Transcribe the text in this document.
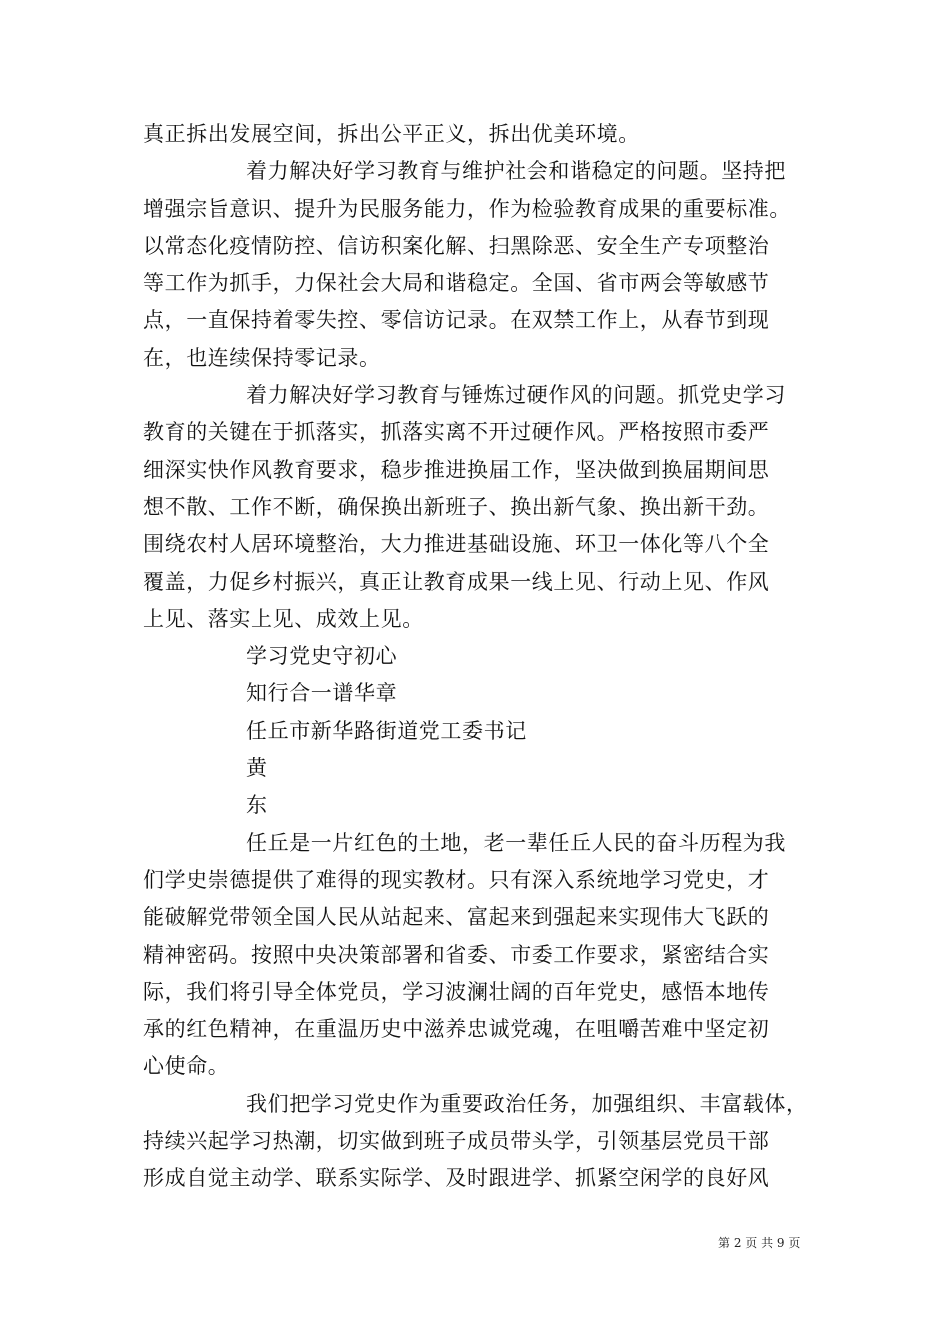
真正拆出发展空间，拆出公平正义，拆出优美环境。
着力解决好学习教育与维护社会和谐稳定的问题。坚持把
增强宗旨意识、提升为民服务能力，作为检验教育成果的重要标准。
以常态化疫情防控、信访积案化解、扫黑除恶、安全生产专项整治
等工作为抓手，力保社会大局和谐稳定。全国、省市两会等敏感节
点，一直保持着零失控、零信访记录。在双禁工作上，从春节到现
在，也连续保持零记录。
着力解决好学习教育与锤炼过硬作风的问题。抓党史学习
教育的关键在于抓落实，抓落实离不开过硬作风。严格按照市委严
细深实快作风教育要求，稳步推进换届工作，坚决做到换届期间思
想不散、工作不断，确保换出新班子、换出新气象、换出新干劲。
围绕农村人居环境整治，大力推进基础设施、环卫一体化等八个全
覆盖，力促乡村振兴，真正让教育成果一线上见、行动上见、作风
上见、落实上见、成效上见。
学习党史守初心
知行合一谱华章
任丘市新华路街道党工委书记
黄
东
任丘是一片红色的土地，老一辈任丘人民的奋斗历程为我
们学史崇德提供了难得的现实教材。只有深入系统地学习党史，才
能破解党带领全国人民从站起来、富起来到强起来实现伟大飞跃的
精神密码。按照中央决策部署和省委、市委工作要求，紧密结合实
际，我们将引导全体党员，学习波澜壮阔的百年党史，感悟本地传
承的红色精神，在重温历史中滋养忠诚党魂，在咀嚼苦难中坚定初
心使命。
我们把学习党史作为重要政治任务，加强组织、丰富载体，
持续兴起学习热潮，切实做到班子成员带头学，引领基层党员干部
形成自觉主动学、联系实际学、及时跟进学、抓紧空闲学的良好风
第 2 页 共 9 页
